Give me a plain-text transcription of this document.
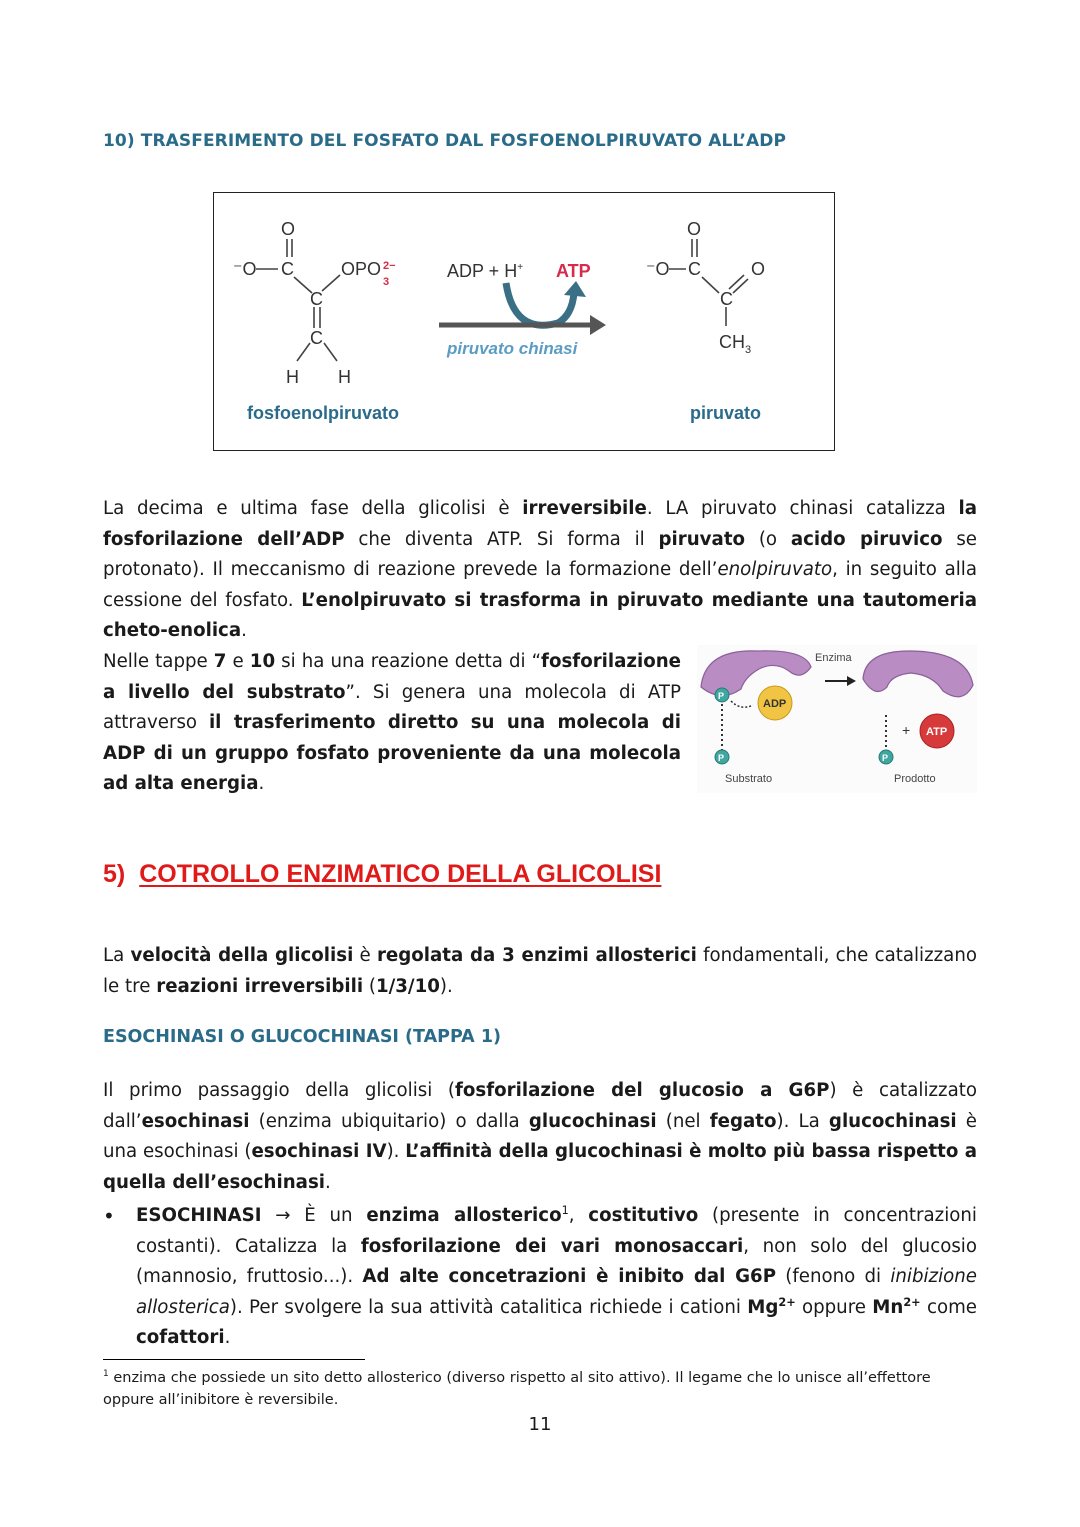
10) TRASFERIMENTO DEL FOSFATO DAL FOSFOENOLPIRUVATO ALL’ADP
O
⁻O C
C
C
H H
OPO
3
2−
fosfoenolpiruvato
ADP + H+ ATP
piruvato chinasi
O
⁻O C	O
C
$CH_3$
piruvato
La decima e ultima fase della glicolisi è irreversibile. LA piruvato chinasi catalizza la fosforilazione dell’ADP che diventa ATP. Si forma il piruvato (o acido piruvico se protonato). Il meccanismo di reazione prevede la formazione dell’enolpiruvato, in seguito alla cessione del fosfato. L’enolpiruvato si trasforma in piruvato mediante una tautomeria cheto-enolica.
Nelle tappe 7 e 10 si ha una reazione detta di “fosforilazione a livello del substrato”. Si genera una molecola di ATP attraverso il trasferimento diretto su una molecola di ADP di un gruppo fosfato proveniente da una molecola ad alta energia.
Enzima
P
P
ADP
Substrato
P
+ ATP
Prodotto
5) COTROLLO ENZIMATICO DELLA GLICOLISI
La velocità della glicolisi è regolata da 3 enzimi allosterici fondamentali, che catalizzano le tre reazioni irreversibili (1/3/10).
ESOCHINASI O GLUCOCHINASI (TAPPA 1)
Il primo passaggio della glicolisi (fosforilazione del glucosio a G6P) è catalizzato dall’esochinasi (enzima ubiquitario) o dalla glucochinasi (nel fegato). La glucochinasi è una esochinasi (esochinasi IV). L’affinità della glucochinasi è molto più bassa rispetto a quella dell’esochinasi.
• ESOCHINASI → È un enzima allosterico$^1$, costitutivo (presente in concentrazioni costanti). Catalizza la fosforilazione dei vari monosaccari, non solo del glucosio (mannosio, fruttosio...). Ad alte concetrazioni è inibito dal G6P (fenono di inibizione allosterica). Per svolgere la sua attività catalitica richiede i cationi $Mg^{2+}$ oppure $Mn^{2+}$ come cofattori.
$^1$ enzima che possiede un sito detto allosterico (diverso rispetto al sito attivo). Il legame che lo unisce all’effettore oppure all’inibitore è reversibile.
11
